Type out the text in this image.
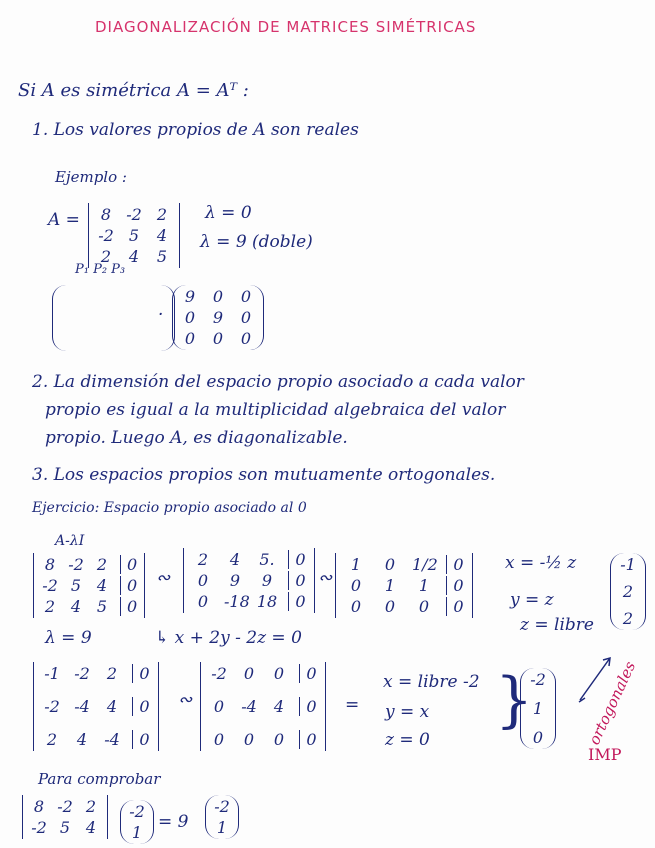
DIAGONALIZACIÓN DE MATRICES SIMÉTRICAS
Si A es simétrica A = Aᵀ :
1. Los valores propios de A son reales
Ejemplo :
A = 8 -2 2
-2 5 4
2 4 5
λ = 0
λ = 9 (doble)
P₁ P₂ P₃
·
9 0 0
0 9 0
0 0 0
2. La dimensión del espacio propio asociado a cada valor
propio es igual a la multiplicidad algebraica del valor
propio. Luego A, es diagonalizable.
3. Los espacios propios son mutuamente ortogonales.
Ejercicio: Espacio propio asociado al 0
A-λI
8 -2 2	0
-2 5 4	0
2 4 5	0
∾
2	4	5.	0
0	9	9	0
0 -18 18	0
∾
1	0	1/2 0
0	1	1	0
0	0	0	0
x = -½ z
y = z
z = libre
-1
2
2
λ = 9	↳ x + 2y - 2z = 0
-1 -2	2	0
-2 -4	4	0
2	4	-4	0
∾
-2	0	0	0
0	-4	4	0
0	0	0	0
=
x = libre -2
y = x
z = 0
}
-2
1
0	ortogonales
IMP
Para comprobar
8 -2 2
-2 5 4
-2
1
= 9
-2
1
